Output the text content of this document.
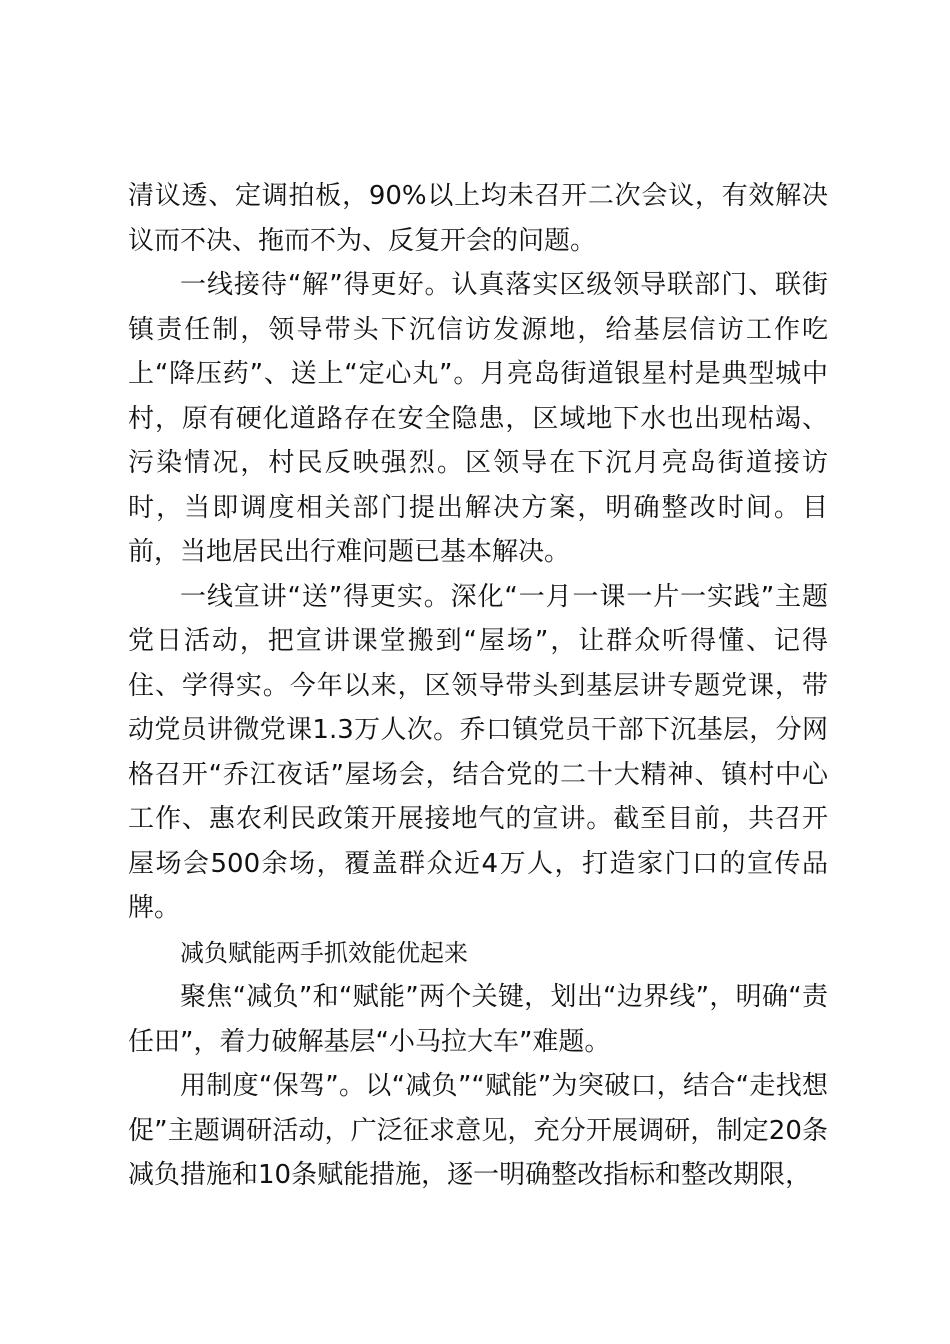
清议透、定调拍板，90%以上均未召开二次会议，有效解决议而不决、拖而不为、反复开会的问题。

一线接待“解”得更好。认真落实区级领导联部门、联街镇责任制，领导带头下沉信访发源地，给基层信访工作吃上“降压药”、送上“定心丸”。月亮岛街道银星村是典型城中村，原有硬化道路存在安全隐患，区域地下水也出现枯竭、污染情况，村民反映强烈。区领导在下沉月亮岛街道接访时，当即调度相关部门提出解决方案，明确整改时间。目前，当地居民出行难问题已基本解决。

一线宣讲“送”得更实。深化“一月一课一片一实践”主题党日活动，把宣讲课堂搬到“屋场”，让群众听得懂、记得住、学得实。今年以来，区领导带头到基层讲专题党课，带动党员讲微党课1.3万人次。乔口镇党员干部下沉基层，分网格召开“乔江夜话”屋场会，结合党的二十大精神、镇村中心工作、惠农利民政策开展接地气的宣讲。截至目前，共召开屋场会500余场，覆盖群众近4万人，打造家门口的宣传品牌。

减负赋能两手抓效能优起来

聚焦“减负”和“赋能”两个关键，划出“边界线”，明确“责任田”，着力破解基层“小马拉大车”难题。

用制度“保驾”。以“减负”“赋能”为突破口，结合“走找想促”主题调研活动，广泛征求意见，充分开展调研，制定20条减负措施和10条赋能措施，逐一明确整改指标和整改期限，
